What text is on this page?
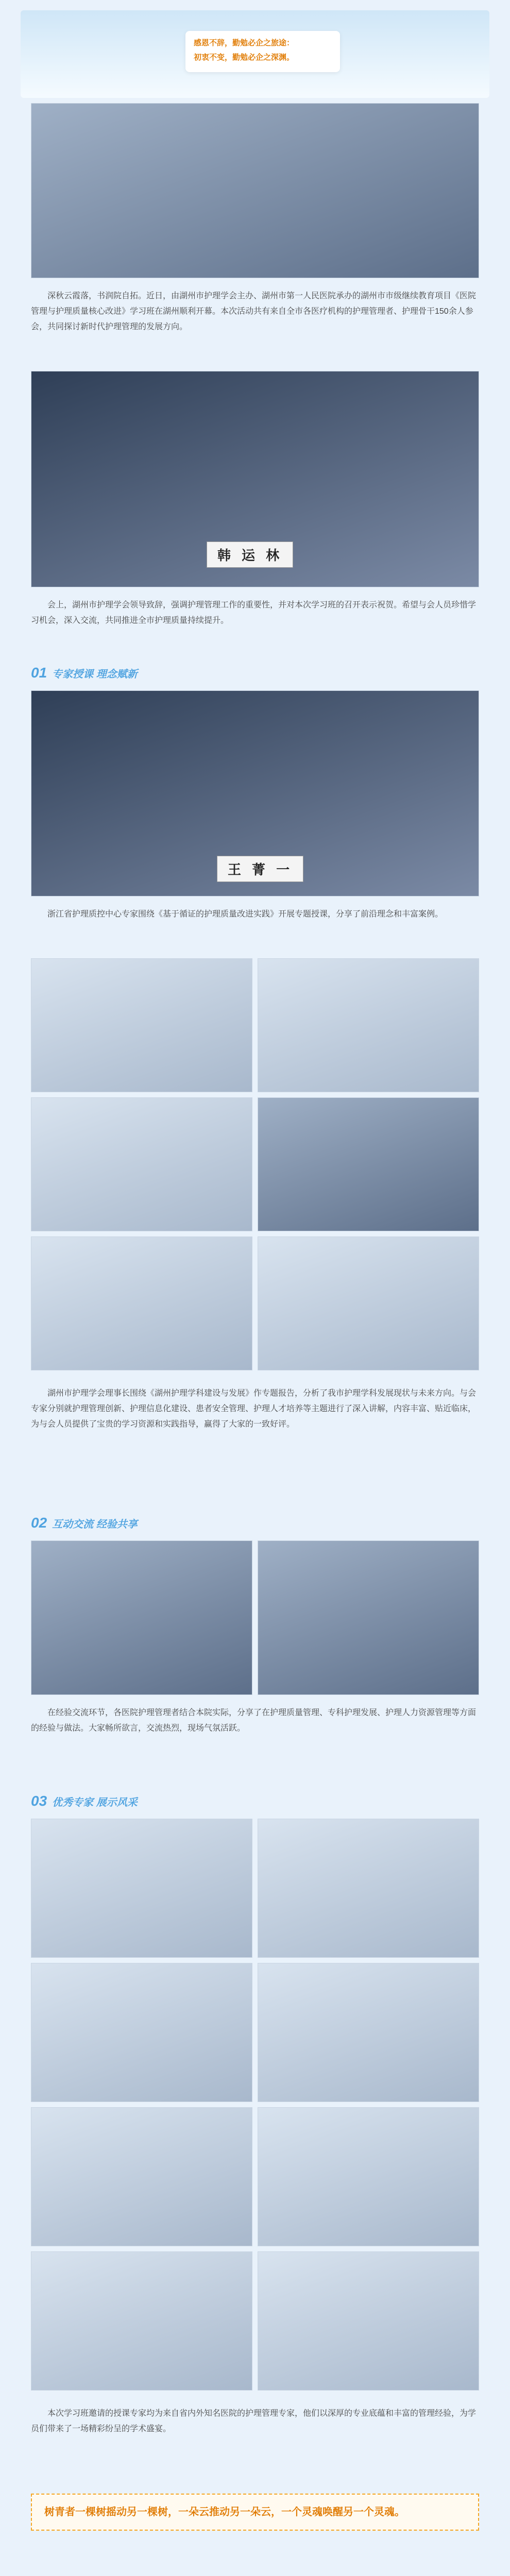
感恩不辞，勤勉必企之旅途：
初衷不变，勤勉必企之深渊。

深秋云霞落，书润院自拓。近日，由湖州市护理学会主办、湖州市第一人民医院承办的湖州市市级继续教育项目《医院管理与护理质量核心改进》学习班在湖州顺利开幕。本次活动共有来自全市各医疗机构的护理管理者、护理骨干150余人参会，共同探讨新时代护理管理的发展方向。

韩 运 林

会上，湖州市护理学会领导致辞，强调护理管理工作的重要性，并对本次学习班的召开表示祝贺。希望与会人员珍惜学习机会，深入交流，共同推进全市护理质量持续提升。

01 专家授课 理念赋新
王 菁 一

浙江省护理质控中心专家围绕《基于循证的护理质量改进实践》开展专题授课，分享了前沿理念和丰富案例。

湖州市护理学会理事长围绕《湖州护理学科建设与发展》作专题报告，分析了我市护理学科发展现状与未来方向。与会专家分别就护理管理创新、护理信息化建设、患者安全管理、护理人才培养等主题进行了深入讲解，内容丰富、贴近临床，为与会人员提供了宝贵的学习资源和实践指导，赢得了大家的一致好评。

02 互动交流 经验共享

在经验交流环节，各医院护理管理者结合本院实际，分享了在护理质量管理、专科护理发展、护理人力资源管理等方面的经验与做法。大家畅所欲言，交流热烈，现场气氛活跃。

03 优秀专家 展示风采

本次学习班邀请的授课专家均为来自省内外知名医院的护理管理专家，他们以深厚的专业底蕴和丰富的管理经验，为学员们带来了一场精彩纷呈的学术盛宴。

树青者一棵树摇动另一棵树，一朵云推动另一朵云，一个灵魂唤醒另一个灵魂。
